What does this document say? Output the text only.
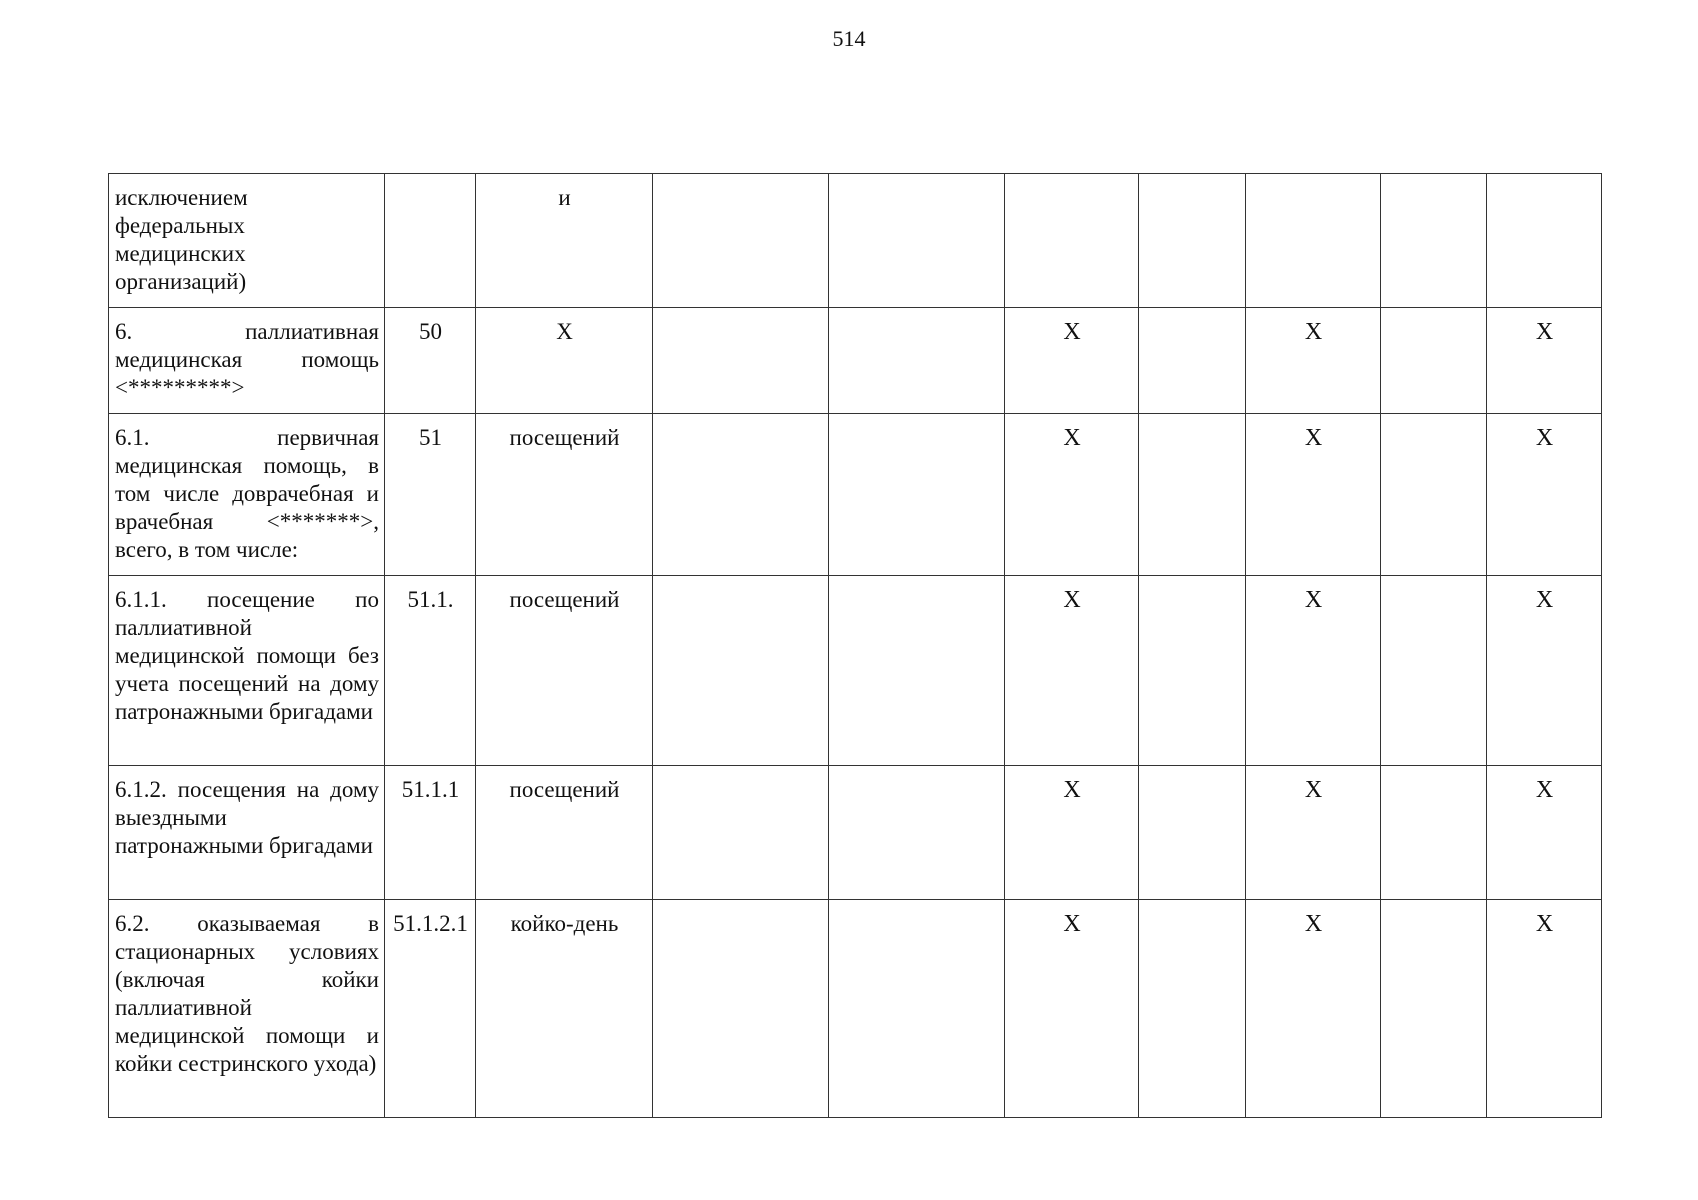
514
исключением федеральных медицинских организаций)		и							
6. паллиативная медицинская помощь <*********>	50	Х			Х		Х		Х
6.1. первичная медицинская помощь, в том числе доврачебная и врачебная <*******>, всего, в том числе:	51	посещений			Х		Х		Х
6.1.1. посещение по паллиативной медицинской помощи без учета посещений на дому патронажными бригадами	51.1.	посещений			Х		Х		Х
6.1.2. посещения на дому выездными патронажными бригадами	51.1.1	посещений			Х		Х		Х
6.2. оказываемая в стационарных условиях (включая койки паллиативной медицинской помощи и койки сестринского ухода)	51.1.2.1	койко-день			Х		Х		Х
